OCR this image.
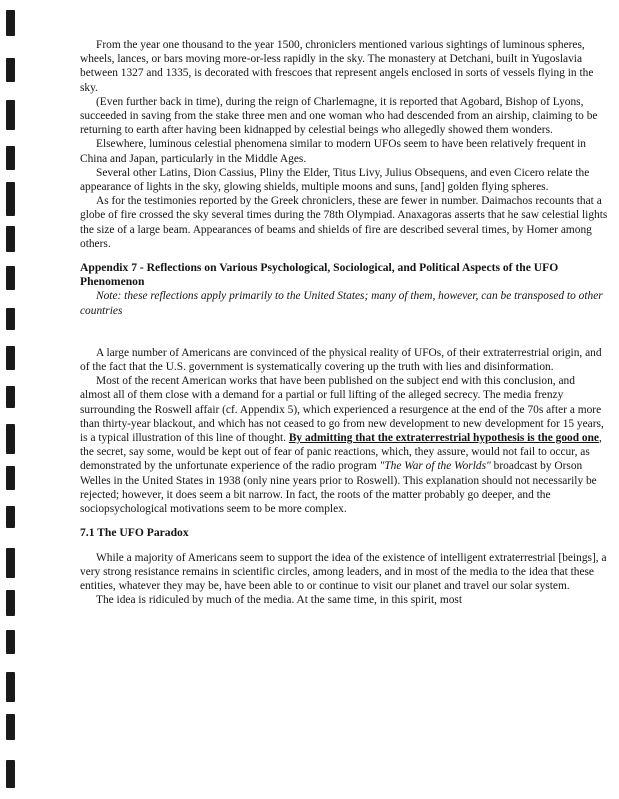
From the year one thousand to the year 1500, chroniclers mentioned various sightings of luminous spheres, wheels, lances, or bars moving more-or-less rapidly in the sky. The monastery at Detchani, built in Yugoslavia between 1327 and 1335, is decorated with frescoes that represent angels enclosed in sorts of vessels flying in the sky.

(Even further back in time), during the reign of Charlemagne, it is reported that Agobard, Bishop of Lyons, succeeded in saving from the stake three men and one woman who had descended from an airship, claiming to be returning to earth after having been kidnapped by celestial beings who allegedly showed them wonders.

Elsewhere, luminous celestial phenomena similar to modern UFOs seem to have been relatively frequent in China and Japan, particularly in the Middle Ages.

Several other Latins, Dion Cassius, Pliny the Elder, Titus Livy, Julius Obsequens, and even Cicero relate the appearance of lights in the sky, glowing shields, multiple moons and suns, [and] golden flying spheres.

As for the testimonies reported by the Greek chroniclers, these are fewer in number. Daimachos recounts that a globe of fire crossed the sky several times during the 78th Olympiad. Anaxagoras asserts that he saw celestial lights the size of a large beam. Appearances of beams and shields of fire are described several times, by Homer among others.

Appendix 7 - Reflections on Various Psychological, Sociological, and Political Aspects of the UFO Phenomenon

Note: these reflections apply primarily to the United States; many of them, however, can be transposed to other countries

A large number of Americans are convinced of the physical reality of UFOs, of their extraterrestrial origin, and of the fact that the U.S. government is systematically covering up the truth with lies and disinformation.

Most of the recent American works that have been published on the subject end with this conclusion, and almost all of them close with a demand for a partial or full lifting of the alleged secrecy. The media frenzy surrounding the Roswell affair (cf. Appendix 5), which experienced a resurgence at the end of the 70s after a more than thirty-year blackout, and which has not ceased to go from new development to new development for 15 years, is a typical illustration of this line of thought. By admitting that the extraterrestrial hypothesis is the good one, the secret, say some, would be kept out of fear of panic reactions, which, they assure, would not fail to occur, as demonstrated by the unfortunate experience of the radio program "The War of the Worlds" broadcast by Orson Welles in the United States in 1938 (only nine years prior to Roswell). This explanation should not necessarily be rejected; however, it does seem a bit narrow. In fact, the roots of the matter probably go deeper, and the sociopsychological motivations seem to be more complex.

7.1 The UFO Paradox

While a majority of Americans seem to support the idea of the existence of intelligent extraterrestrial [beings], a very strong resistance remains in scientific circles, among leaders, and in most of the media to the idea that these entities, whatever they may be, have been able to or continue to visit our planet and travel our solar system.

The idea is ridiculed by much of the media. At the same time, in this spirit, most
